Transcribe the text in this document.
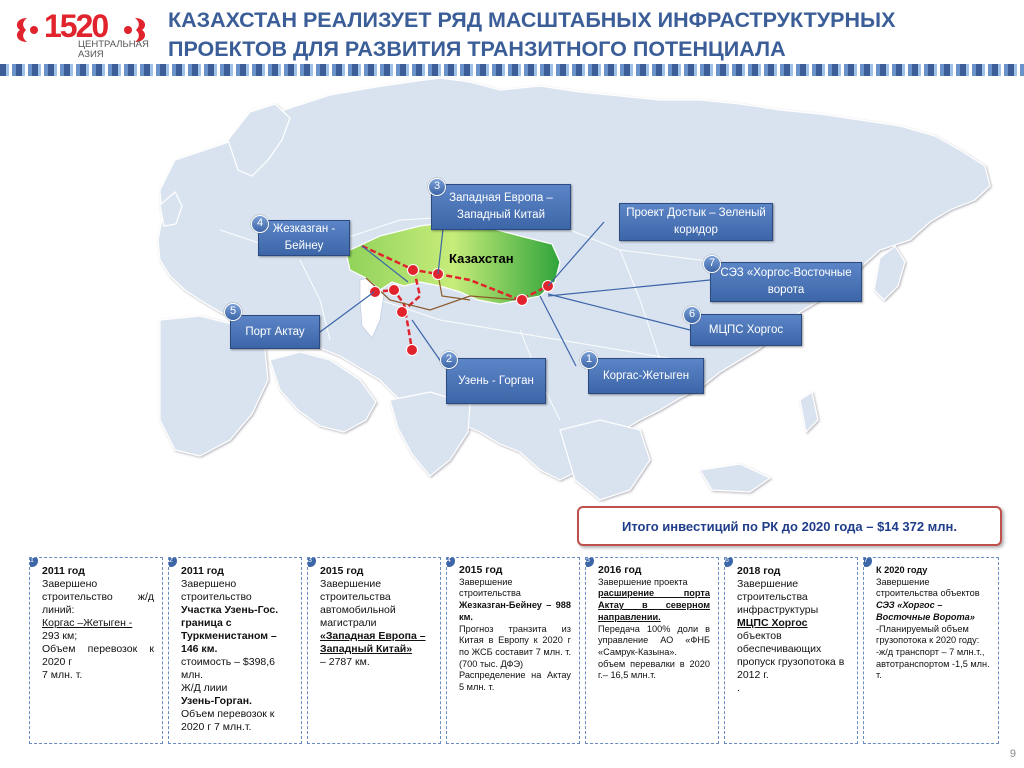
1520
ЦЕНТРАЛЬНАЯ
АЗИЯ
КАЗАХСТАН РЕАЛИЗУЕТ РЯД МАСШТАБНЫХ ИНФРАСТРУКТУРНЫХ ПРОЕКТОВ ДЛЯ РАЗВИТИЯ ТРАНЗИТНОГО ПОТЕНЦИАЛА
Казахстан
Западная Европа – Западный Китай
3
Жезказган - Бейнеу
4
Проект Достык – Зеленый коридор
СЭЗ «Хоргос-Восточные ворота
7
МЦПС Хоргос
6
Порт Актау
5
Узень - Горган
2
Коргас-Жетыген
1
Итого инвестиций по РК до 2020 года – $14 372 млн.
1
2011 год
Завершено строительство ж/д линий:
Коргас –Жетыген -
293 км;
Объем перевозок к 2020 г
7 млн. т.
2
2011 год
Завершено строительство
Участка Узень-Гос. граница с Туркменистаном – 146 км.
стоимость – $398,6 млн.
Ж/Д лиии
Узень-Горган.
Объем перевозок к 2020 г 7 млн.т.
3
2015 год
Завершение строительства автомобильной магистрали
«Западная Европа – Западный Китай»
– 2787 км.
4
2015 год
Завершение строительства
Жезказган-Бейнеу – 988 км.
Прогноз транзита из Китая в Европу к 2020 г по ЖСБ составит 7 млн. т. (700 тыс. ДФЭ)
Распределение на Актау 5 млн. т.
5
2016 год
Завершение проекта
расширение порта Актау в северном направлении.
Передача 100% доли в управление АО «ФНБ «Самрук-Казына».
объем перевалки в 2020 г.– 16,5 млн.т.
6
2018 год
Завершение строительства инфраструктуры
МЦПС Хоргос
объектов обеспечивающих пропуск грузопотока в 2012 г.
.
7
К 2020 году
Завершение строительства объектов
СЭЗ «Хоргос – Восточные Ворота»
-Планируемый объем грузопотока к 2020 году:
-ж/д транспорт – 7 млн.т.,
автотранспортом -1,5 млн. т.
9
